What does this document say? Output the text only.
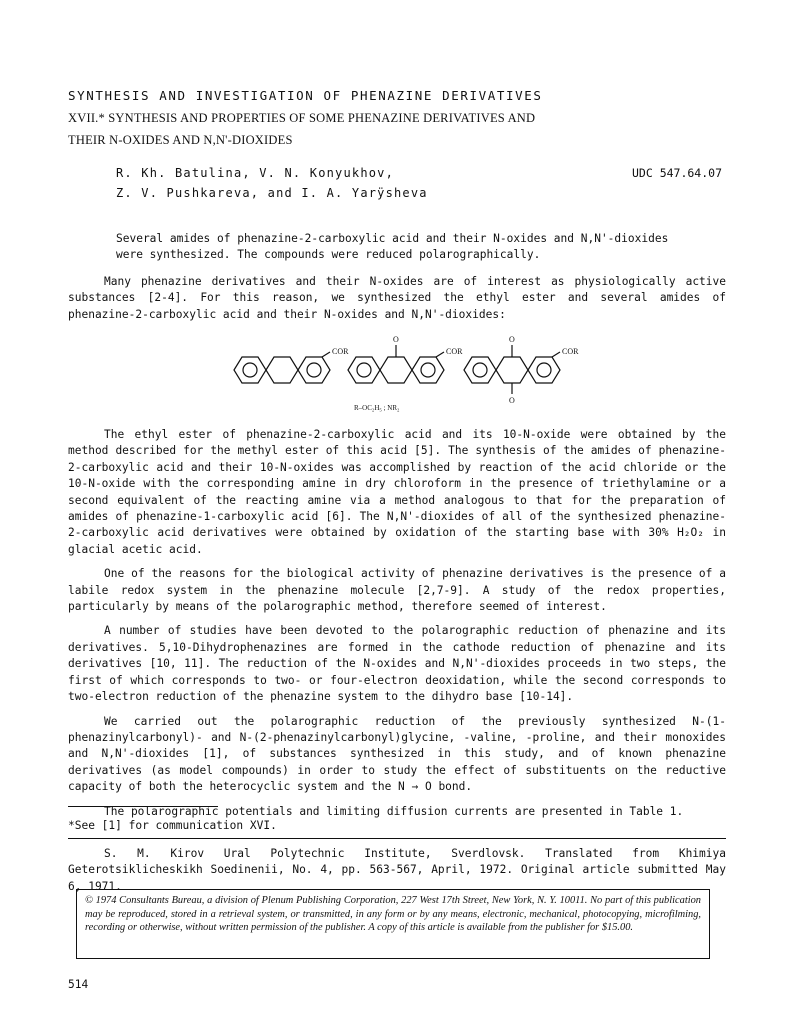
SYNTHESIS AND INVESTIGATION OF PHENAZINE DERIVATIVES
XVII.* SYNTHESIS AND PROPERTIES OF SOME PHENAZINE DERIVATIVES AND
THEIR N-OXIDES AND N,N'-DIOXIDES
R. Kh. Batulina, V. N. Konyukhov,
Z. V. Pushkareva, and I. A. Yarÿsheva
UDC 547.64.07
Several amides of phenazine-2-carboxylic acid and their N-oxides and N,N'-dioxides were synthesized. The compounds were reduced polarographically.

Many phenazine derivatives and their N-oxides are of interest as physiologically active substances [2-4]. For this reason, we synthesized the ethyl ester and several amides of phenazine-2-carboxylic acid and their N-oxides and N,N'-dioxides:

COR	COR	COR
O	O
O
R–OC₂H₅ ; NR₂

The ethyl ester of phenazine-2-carboxylic acid and its 10-N-oxide were obtained by the method described for the methyl ester of this acid [5]. The synthesis of the amides of phenazine-2-carboxylic acid and their 10-N-oxides was accomplished by reaction of the acid chloride or the 10-N-oxide with the corresponding amine in dry chloroform in the presence of triethylamine or a second equivalent of the reacting amine via a method analogous to that for the preparation of amides of phenazine-1-carboxylic acid [6]. The N,N'-dioxides of all of the synthesized phenazine-2-carboxylic acid derivatives were obtained by oxidation of the starting base with 30% H₂O₂ in glacial acetic acid.

One of the reasons for the biological activity of phenazine derivatives is the presence of a labile redox system in the phenazine molecule [2,7-9]. A study of the redox properties, particularly by means of the polarographic method, therefore seemed of interest.

A number of studies have been devoted to the polarographic reduction of phenazine and its derivatives. 5,10-Dihydrophenazines are formed in the cathode reduction of phenazine and its derivatives [10, 11]. The reduction of the N-oxides and N,N'-dioxides proceeds in two steps, the first of which corresponds to two- or four-electron deoxidation, while the second corresponds to two-electron reduction of the phenazine system to the dihydro base [10-14].

We carried out the polarographic reduction of the previously synthesized N-(1-phenazinylcarbonyl)- and N-(2-phenazinylcarbonyl)glycine, -valine, -proline, and their monoxides and N,N'-dioxides [1], of substances synthesized in this study, and of known phenazine derivatives (as model compounds) in order to study the effect of substituents on the reductive capacity of both the heterocyclic system and the N → O bond.

The polarographic potentials and limiting diffusion currents are presented in Table 1.

*See [1] for communication XVI.
S. M. Kirov Ural Polytechnic Institute, Sverdlovsk. Translated from Khimiya Geterotsiklicheskikh Soedinenii, No. 4, pp. 563-567, April, 1972. Original article submitted May 6, 1971.
© 1974 Consultants Bureau, a division of Plenum Publishing Corporation, 227 West 17th Street, New York, N. Y. 10011. No part of this publication may be reproduced, stored in a retrieval system, or transmitted, in any form or by any means, electronic, mechanical, photocopying, microfilming, recording or otherwise, without written permission of the publisher. A copy of this article is available from the publisher for $15.00.
514
